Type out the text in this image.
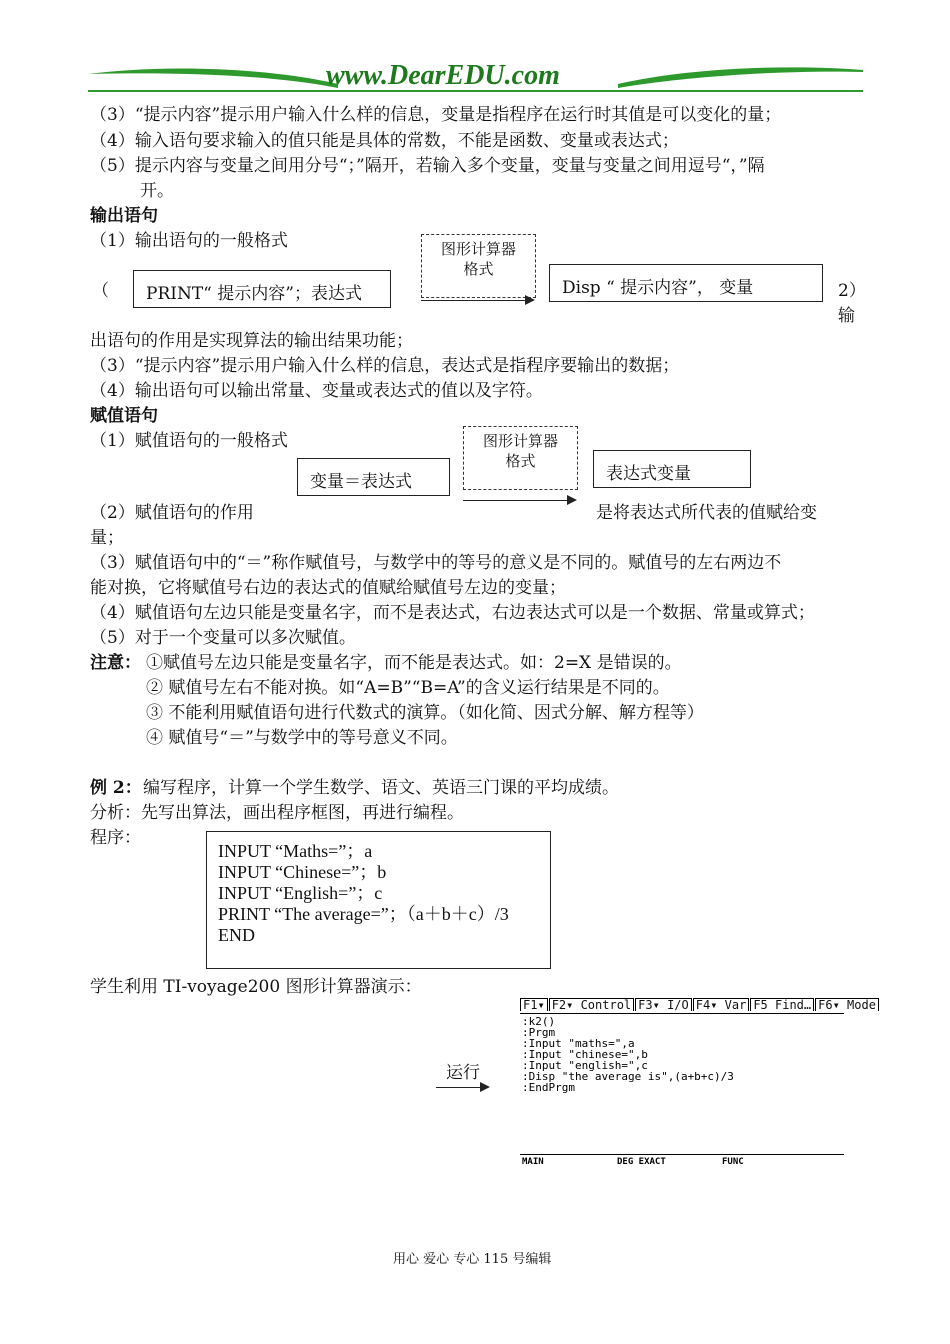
www.DearEDU.com
（3）“提示内容”提示用户输入什么样的信息，变量是指程序在运行时其值是可以变化的量；
（4）输入语句要求输入的值只能是具体的常数，不能是函数、变量或表达式；
（5）提示内容与变量之间用分号“；”隔开，若输入多个变量，变量与变量之间用逗号“，”隔
开。
输出语句
（1）输出语句的一般格式
（ PRINT“ 提示内容”；表达式
图形计算器
格式
Disp “ 提示内容”， 变量	2）
输
出语句的作用是实现算法的输出结果功能；
（3）“提示内容”提示用户输入什么样的信息，表达式是指程序要输出的数据；
（4）输出语句可以输出常量、变量或表达式的值以及字符。
赋值语句
（1）赋值语句的一般格式	图形计算器
格式
变量＝表达式	表达式变量
（2）赋值语句的作用	是将表达式所代表的值赋给变
量；
（3）赋值语句中的“＝”称作赋值号，与数学中的等号的意义是不同的。赋值号的左右两边不
能对换，它将赋值号右边的表达式的值赋给赋值号左边的变量；
（4）赋值语句左边只能是变量名字，而不是表达式，右边表达式可以是一个数据、常量或算式；
（5）对于一个变量可以多次赋值。
注意： ①赋值号左边只能是变量名字，而不能是表达式。如：2=X 是错误的。
② 赋值号左右不能对换。如“A=B”“B=A”的含义运行结果是不同的。
③ 不能利用赋值语句进行代数式的演算。（如化简、因式分解、解方程等）
④ 赋值号“＝”与数学中的等号意义不同。
例 2： 编写程序，计算一个学生数学、语文、英语三门课的平均成绩。
分析：先写出算法，画出程序框图，再进行编程。
程序：
INPUT “Maths=”；a
INPUT “Chinese=”；b
INPUT “English=”；c
PRINT “The average=”；（a＋b＋c）/3
END
学生利用 TI-voyage200 图形计算器演示：
运行
F1▾ F2▾ Control F3▾ I/O F4▾ Var F5 Find… F6▾ Mode
:k2()
:Prgm
:Input "maths=",a
:Input "chinese=",b
:Input "english=",c
:Disp "the average is",(a+b+c)/3
:EndPrgm
MAIN	DEG EXACT	FUNC
用心 爱心 专心 115 号编辑
